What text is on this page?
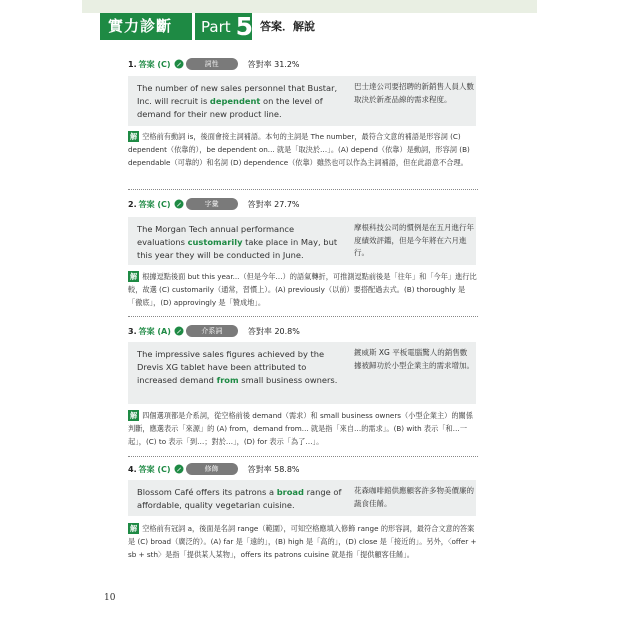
實力診斷	Part 5 答案．解說
1. 答案 (C)	詞性	答對率 31.2%
The number of new sales personnel that Bustar, Inc. will recruit is dependent on the level of demand for their new product line.
巴士達公司要招聘的新銷售人員人數取決於新產品線的需求程度。
解 空格前有動詞 is，後面會接主詞補語。本句的主詞是 The number，最符合文意的補語是形容詞 (C) dependent（依靠的），be dependent on... 就是「取決於…」。(A) depend（依靠）是動詞，形容詞 (B) dependable（可靠的）和名詞 (D) dependence（依靠）雖然也可以作為主詞補語，但在此語意不合理。
2. 答案 (C)	字彙	答對率 27.7%
The Morgan Tech annual performance evaluations customarily take place in May, but this year they will be conducted in June.
摩根科技公司的慣例是在五月進行年度績效評鑑，但是今年將在六月進行。
解 根據逗點後面 but this year...（但是今年…）的語氣轉折，可推測逗點前後是「往年」和「今年」進行比較，故選 (C) customarily（通常，習慣上）。(A) previously（以前）要搭配過去式。(B) thoroughly 是「徹底」，(D) approvingly 是「贊成地」。
3. 答案 (A)	介系詞	答對率 20.8%
The impressive sales figures achieved by the Drevis XG tablet have been attributed to increased demand from small business owners.
鍍威斯 XG 平板電腦驚人的銷售數據被歸功於小型企業主的需求增加。
解 四個選項都是介系詞，從空格前後 demand（需求）和 small business owners（小型企業主）的關係判斷，應選表示「來源」的 (A) from，demand from... 就是指「來自…的需求」。(B) with 表示「和…一起」，(C) to 表示「到…；對於…」，(D) for 表示「為了…」。
4. 答案 (C)	修飾	答對率 58.8%
Blossom Café offers its patrons a broad range of affordable, quality vegetarian cuisine.
花森咖啡館供應顧客許多物美價廉的蔬食佳餚。
解 空格前有冠詞 a，後面是名詞 range（範圍），可知空格應填入修飾 range 的形容詞，最符合文意的答案是 (C) broad（廣泛的）。(A) far 是「遠的」，(B) high 是「高的」，(D) close 是「接近的」。另外，〈offer + sb + sth〉是指「提供某人某物」，offers its patrons cuisine 就是指「提供顧客佳餚」。
10
